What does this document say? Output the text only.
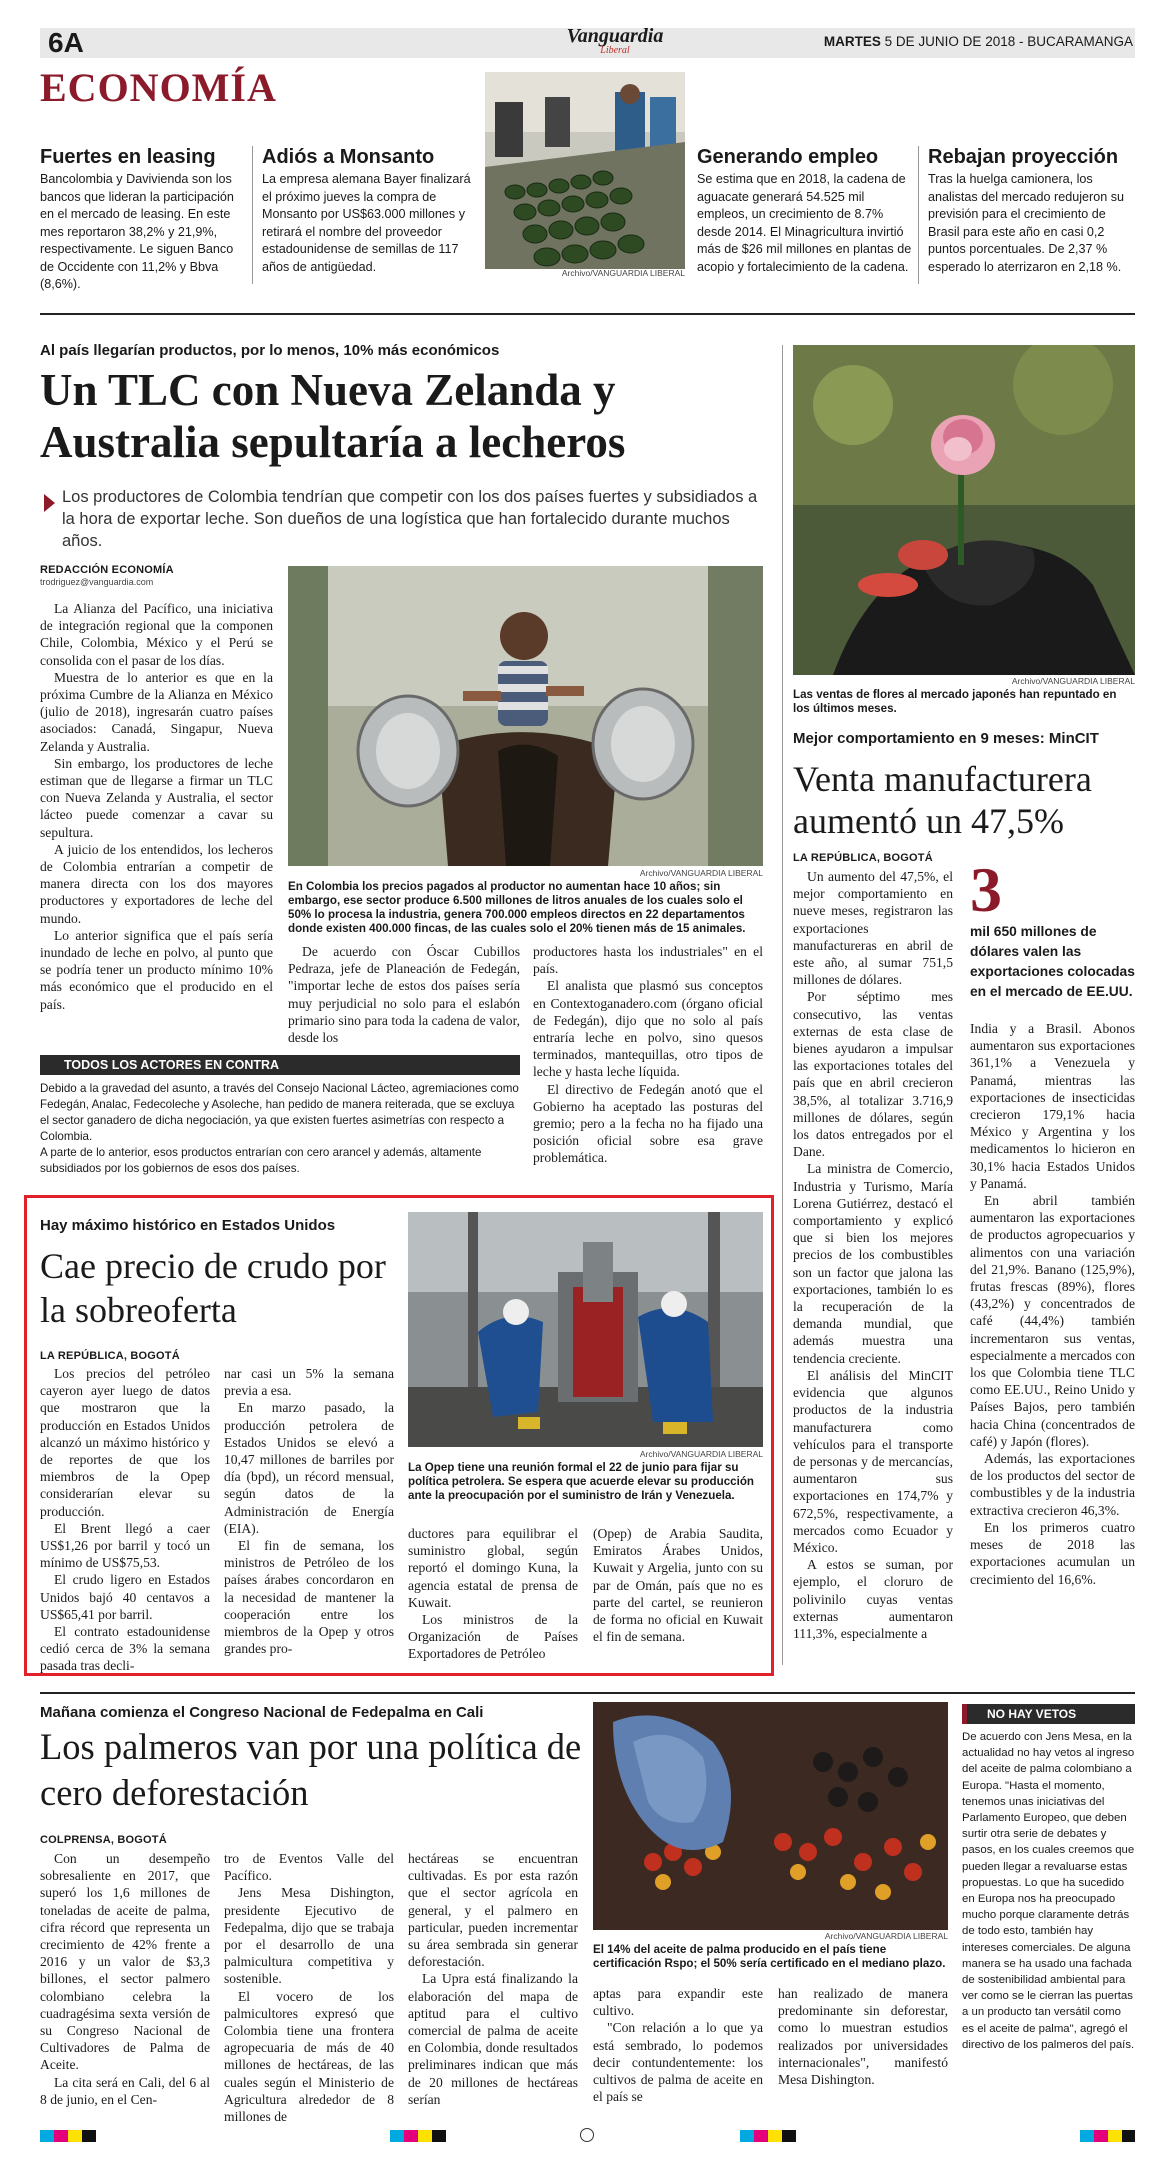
6A	Vanguardia
Liberal
MARTES 5 DE JUNIO DE 2018 - BUCARAMANGA
ECONOMÍA
Fuertes en leasing
Bancolombia y Davivienda son los bancos que lideran la participación en el mercado de leasing. En este mes reportaron 38,2% y 21,9%, respectivamente. Le siguen Banco de Occidente con 11,2% y Bbva (8,6%).
Adiós a Monsanto
La empresa alemana Bayer finalizará el próximo jueves la compra de Monsanto por US$63.000 millones y retirará el nombre del proveedor estadounidense de semillas de 117 años de antigüedad.	Archivo/VANGUARDIA LIBERAL
Generando empleo
Se estima que en 2018, la cadena de aguacate generará 54.525 mil empleos, un crecimiento de 8.7% desde 2014. El Minagricultura invirtió más de $26 mil millones en plantas de acopio y fortalecimiento de la cadena.
Rebajan proyección
Tras la huelga camionera, los analistas del mercado redujeron su previsión para el crecimiento de Brasil para este año en casi 0,2 puntos porcentuales. De 2,37 % esperado lo aterrizaron en 2,18 %.
Al país llegarían productos, por lo menos, 10% más económicos
Un TLC con Nueva Zelanda y Australia sepultaría a lecheros
Los productores de Colombia tendrían que competir con los dos países fuertes y subsidiados a la hora de exportar leche. Son dueños de una logística que han fortalecido durante muchos años.
REDACCIÓN ECONOMÍA
trodriguez@vanguardia.com

La Alianza del Pacífico, una iniciativa de integración regional que la componen Chile, Colombia, México y el Perú se consolida con el pasar de los días.

Muestra de lo anterior es que en la próxima Cumbre de la Alianza en México (julio de 2018), ingresarán cuatro países asociados: Canadá, Singapur, Nueva Zelanda y Australia.

Sin embargo, los productores de leche estiman que de llegarse a firmar un TLC con Nueva Zelanda y Australia, el sector lácteo puede comenzar a cavar su sepultura.

A juicio de los entendidos, los lecheros de Colombia entrarían a competir de manera directa con los dos mayores productores y exportadores de leche del mundo.

Lo anterior significa que el país sería inundado de leche en polvo, al punto que se podría tener un producto mínimo 10% más económico que el producido en el país.

Archivo/VANGUARDIA LIBERAL
En Colombia los precios pagados al productor no aumentan hace 10 años; sin embargo, ese sector produce 6.500 millones de litros anuales de los cuales solo el 50% lo procesa la industria, genera 700.000 empleos directos en 22 departamentos donde existen 400.000 fincas, de las cuales solo el 20% tienen más de 15 animales.

De acuerdo con Óscar Cubillos Pedraza, jefe de Planeación de Fedegán, "importar leche de estos dos países sería muy perjudicial no solo para el eslabón primario sino para toda la cadena de valor, desde los

productores hasta los industriales" en el país.

El analista que plasmó sus conceptos en Contextoganadero.com (órgano oficial de Fedegán), dijo que no solo al país entraría leche en polvo, sino quesos terminados, mantequillas, otro tipos de leche y hasta leche líquida.

El directivo de Fedegán anotó que el Gobierno ha aceptado las posturas del gremio; pero a la fecha no ha fijado una posición oficial sobre esa grave problemática.

TODOS LOS ACTORES EN CONTRA
Debido a la gravedad del asunto, a través del Consejo Nacional Lácteo, agremiaciones como Fedegán, Analac, Fedecoleche y Asoleche, han pedido de manera reiterada, que se excluya el sector ganadero de dicha negociación, ya que existen fuertes asimetrías con respecto a Colombia.
A parte de lo anterior, esos productos entrarían con cero arancel y además, altamente subsidiados por los gobiernos de esos dos países.
Archivo/VANGUARDIA LIBERAL
Las ventas de flores al mercado japonés han repuntado en los últimos meses.
Mejor comportamiento en 9 meses: MinCIT
Venta manufacturera aumentó un 47,5%
LA REPÚBLICA, BOGOTÁ

Un aumento del 47,5%, el mejor comportamiento en nueve meses, registraron las exportaciones manufactureras en abril de este año, al sumar 751,5 millones de dólares.

Por séptimo mes consecutivo, las ventas externas de esta clase de bienes ayudaron a impulsar las exportaciones totales del país que en abril crecieron 38,5%, al totalizar 3.716,9 millones de dólares, según los datos entregados por el Dane.

La ministra de Comercio, Industria y Turismo, María Lorena Gutiérrez, destacó el comportamiento y explicó que si bien los mejores precios de los combustibles son un factor que jalona las exportaciones, también lo es la recuperación de la demanda mundial, que además muestra una tendencia creciente.

El análisis del MinCIT evidencia que algunos productos de la industria manufacturera como vehículos para el transporte de personas y de mercancías, aumentaron sus exportaciones en 174,7% y 672,5%, respectivamente, a mercados como Ecuador y México.

A estos se suman, por ejemplo, el cloruro de polivinilo cuyas ventas externas aumentaron 111,3%, especialmente a

3
mil 650 millones de dólares valen las exportaciones colocadas en el mercado de EE.UU.

India y a Brasil. Abonos aumentaron sus exportaciones 361,1% a Venezuela y Panamá, mientras las exportaciones de insecticidas crecieron 179,1% hacia México y Argentina y los medicamentos lo hicieron en 30,1% hacia Estados Unidos y Panamá.

En abril también aumentaron las exportaciones de productos agropecuarios y alimentos con una variación del 21,9%. Banano (125,9%), frutas frescas (89%), flores (43,2%) y concentrados de café (44,4%) también incrementaron sus ventas, especialmente a mercados con los que Colombia tiene TLC como EE.UU., Reino Unido y Países Bajos, pero también hacia China (concentrados de café) y Japón (flores).

Además, las exportaciones de los productos del sector de combustibles y de la industria extractiva crecieron 46,3%.

En los primeros cuatro meses de 2018 las exportaciones acumulan un crecimiento del 16,6%.

Hay máximo histórico en Estados Unidos
Cae precio de crudo por la sobreoferta
LA REPÚBLICA, BOGOTÁ

Los precios del petróleo cayeron ayer luego de datos que mostraron que la producción en Estados Unidos alcanzó un máximo histórico y de reportes de que los miembros de la Opep considerarían elevar su producción.

El Brent llegó a caer US$1,26 por barril y tocó un mínimo de US$75,53.

El crudo ligero en Estados Unidos bajó 40 centavos a US$65,41 por barril.

El contrato estadounidense cedió cerca de 3% la semana pasada tras decli-

nar casi un 5% la semana previa a esa.

En marzo pasado, la producción petrolera de Estados Unidos se elevó a 10,47 millones de barriles por día (bpd), un récord mensual, según datos de la Administración de Energía (EIA).

El fin de semana, los ministros de Petróleo de los países árabes concordaron en la necesidad de mantener la cooperación entre los miembros de la Opep y otros grandes pro-

Archivo/VANGUARDIA LIBERAL
La Opep tiene una reunión formal el 22 de junio para fijar su política petrolera. Se espera que acuerde elevar su producción ante la preocupación por el suministro de Irán y Venezuela.

ductores para equilibrar el suministro global, según reportó el domingo Kuna, la agencia estatal de prensa de Kuwait.

Los ministros de la Organización de Países Exportadores de Petróleo

(Opep) de Arabia Saudita, Emiratos Árabes Unidos, Kuwait y Argelia, junto con su par de Omán, país que no es parte del cartel, se reunieron de forma no oficial en Kuwait el fin de semana.

Mañana comienza el Congreso Nacional de Fedepalma en Cali
Los palmeros van por una política de cero deforestación
COLPRENSA, BOGOTÁ

Con un desempeño sobresaliente en 2017, que superó los 1,6 millones de toneladas de aceite de palma, cifra récord que representa un crecimiento de 42% frente a 2016 y un valor de $3,3 billones, el sector palmero colombiano celebra la cuadragésima sexta versión de su Congreso Nacional de Cultivadores de Palma de Aceite.

La cita será en Cali, del 6 al 8 de junio, en el Cen-

tro de Eventos Valle del Pacífico.

Jens Mesa Dishington, presidente Ejecutivo de Fedepalma, dijo que se trabaja por el desarrollo de una palmicultura competitiva y sostenible.

El vocero de los palmicultores expresó que Colombia tiene una frontera agropecuaria de más de 40 millones de hectáreas, de las cuales según el Ministerio de Agricultura alrededor de 8 millones de

hectáreas se encuentran cultivadas. Es por esta razón que el sector agrícola en general, y el palmero en particular, pueden incrementar su área sembrada sin generar deforestación.

La Upra está finalizando la elaboración del mapa de aptitud para el cultivo comercial de palma de aceite en Colombia, donde resultados preliminares indican que más de 20 millones de hectáreas serían

Archivo/VANGUARDIA LIBERAL
El 14% del aceite de palma producido en el país tiene certificación Rspo; el 50% sería certificado en el mediano plazo.

aptas para expandir este cultivo.

"Con relación a lo que ya está sembrado, lo podemos decir contundentemente: los cultivos de palma de aceite en el país se

han realizado de manera predominante sin deforestar, como lo muestran estudios realizados por universidades internacionales", manifestó Mesa Dishington.

NO HAY VETOS
De acuerdo con Jens Mesa, en la actualidad no hay vetos al ingreso del aceite de palma colombiano a Europa. "Hasta el momento, tenemos unas iniciativas del Parlamento Europeo, que deben surtir otra serie de debates y pasos, en los cuales creemos que pueden llegar a revaluarse estas propuestas. Lo que ha sucedido en Europa nos ha preocupado mucho porque claramente detrás de todo esto, también hay intereses comerciales. De alguna manera se ha usado una fachada de sostenibilidad ambiental para ver como se le cierran las puertas a un producto tan versátil como es el aceite de palma", agregó el directivo de los palmeros del país.
